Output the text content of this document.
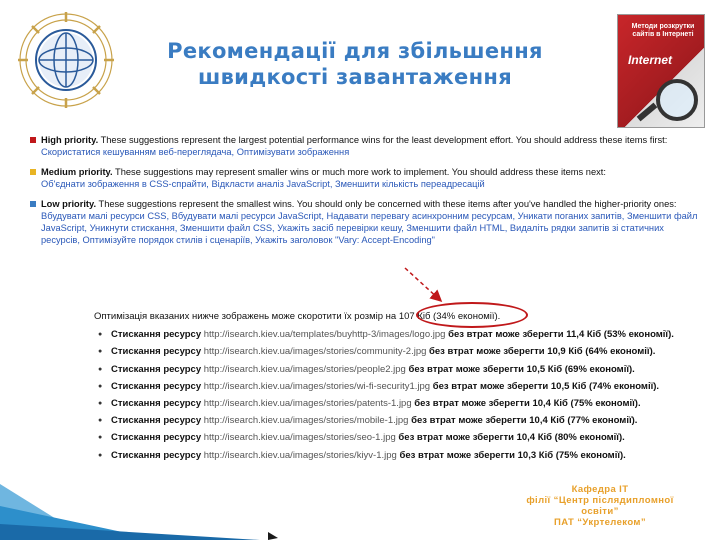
Рекомендації для збільшення швидкості завантаження
Методи розкрутки сайтів в Інтернеті
Internet
High priority. These suggestions represent the largest potential performance wins for the least development effort. You should address these items first:
Скористатися кешуванням веб-переглядача, Оптимізувати зображення
Medium priority. These suggestions may represent smaller wins or much more work to implement. You should address these items next:
Об'єднати зображення в CSS-спрайти, Відкласти аналіз JavaScript, Зменшити кількість переадресацій
Low priority. These suggestions represent the smallest wins. You should only be concerned with these items after you've handled the higher-priority ones:
Вбудувати малі ресурси CSS, Вбудувати малі ресурси JavaScript, Надавати перевагу асинхронним ресурсам, Уникати поганих запитів, Зменшити файл JavaScript, Уникнути стискання, Зменшити файл CSS, Укажіть засіб перевірки кешу, Зменшити файл HTML, Видаліть рядки запитів зі статичних ресурсів, Оптимізуйте порядок стилів і сценаріїв, Укажіть заголовок "Vary: Accept-Encoding"
Оптимізація вказаних нижче зображень може скоротити їх розмір на 107 Кіб (34% економії).
● Стискання ресурсу http://isearch.kiev.ua/templates/buyhttp-3/images/logo.jpg без втрат може зберегти 11,4 Кіб (53% економії).
● Стискання ресурсу http://isearch.kiev.ua/images/stories/community-2.jpg без втрат може зберегти 10,9 Кіб (64% економії).
● Стискання ресурсу http://isearch.kiev.ua/images/stories/people2.jpg без втрат може зберегти 10,5 Кіб (69% економії).
● Стискання ресурсу http://isearch.kiev.ua/images/stories/wi-fi-security1.jpg без втрат може зберегти 10,5 Кіб (74% економії).
● Стискання ресурсу http://isearch.kiev.ua/images/stories/patents-1.jpg без втрат може зберегти 10,4 Кіб (75% економії).
● Стискання ресурсу http://isearch.kiev.ua/images/stories/mobile-1.jpg без втрат може зберегти 10,4 Кіб (77% економії).
● Стискання ресурсу http://isearch.kiev.ua/images/stories/seo-1.jpg без втрат може зберегти 10,4 Кіб (80% економії).
● Стискання ресурсу http://isearch.kiev.ua/images/stories/kiyv-1.jpg без втрат може зберегти 10,3 Кіб (75% економії).
Кафедра ІТ
філії “Центр післядипломної
освіти”
ПАТ “Укртелеком”
